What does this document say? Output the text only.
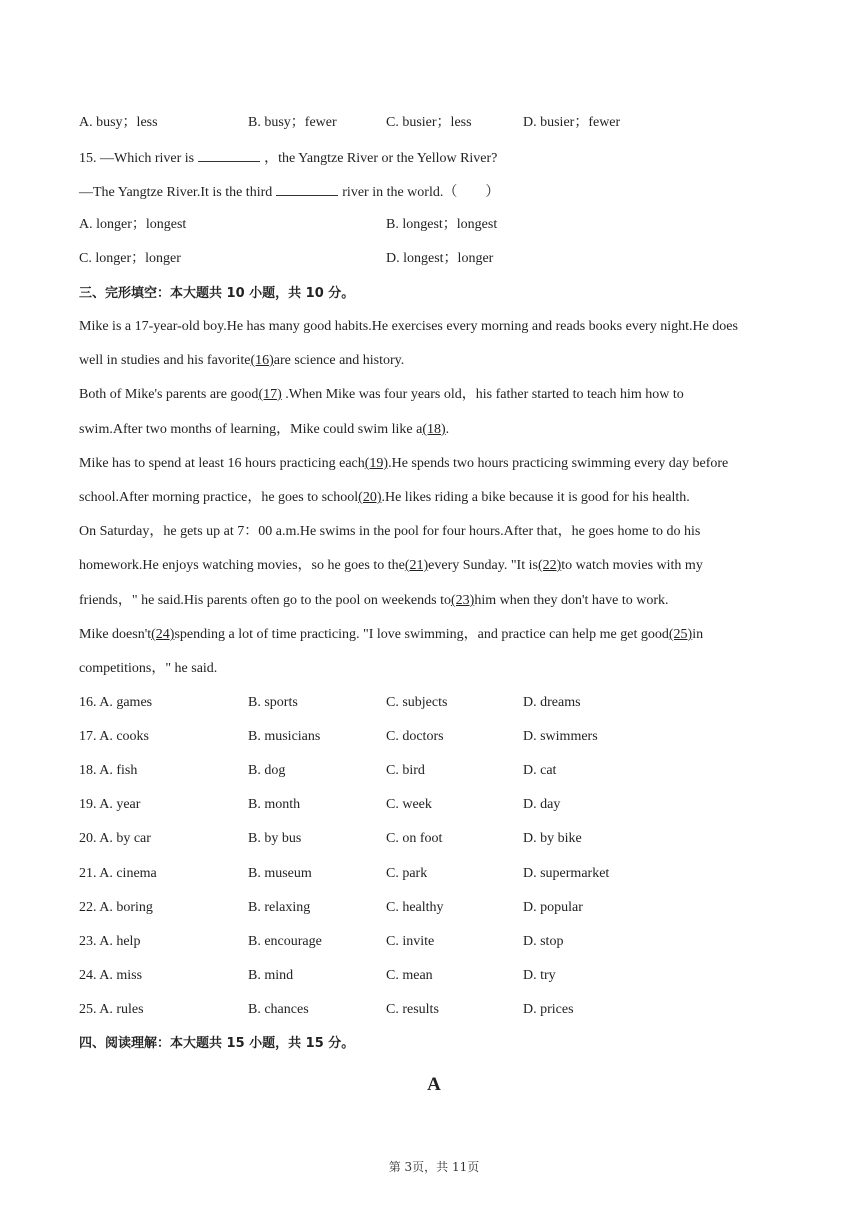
A. busy；less	B. busy；fewer	C. busier；less	D. busier；fewer
15. —Which river is	，the Yangtze River or the Yellow River?
—The Yangtze River.It is the third	river in the world.（　　）
A. longer；longest	B. longest；longest
C. longer；longer	D. longest；longer
三、完形填空：本大题共 10 小题，共 10 分。
Mike is a 17-year-old boy.He has many good habits.He exercises every morning and reads books every night.He does
well in studies and his favorite(16)are science and history.
Both of Mike's parents are good(17) .When Mike was four years old，his father started to teach him how to
swim.After two months of learning，Mike could swim like a(18).
Mike has to spend at least 16 hours practicing each(19).He spends two hours practicing swimming every day before
school.After morning practice，he goes to school(20).He likes riding a bike because it is good for his health.
On Saturday，he gets up at 7：00 a.m.He swims in the pool for four hours.After that，he goes home to do his
homework.He enjoys watching movies，so he goes to the(21)every Sunday. "It is(22)to watch movies with my
friends，" he said.His parents often go to the pool on weekends to(23)him when they don't have to work.
Mike doesn't(24)spending a lot of time practicing. "I love swimming，and practice can help me get good(25)in
competitions，" he said.
16. A. games	B. sports	C. subjects	D. dreams
17. A. cooks	B. musicians	C. doctors	D. swimmers
18. A. fish	B. dog	C. bird	D. cat
19. A. year	B. month	C. week	D. day
20. A. by car	B. by bus	C. on foot	D. by bike
21. A. cinema	B. museum	C. park	D. supermarket
22. A. boring	B. relaxing	C. healthy	D. popular
23. A. help	B. encourage	C. invite	D. stop
24. A. miss	B. mind	C. mean	D. try
25. A. rules	B. chances	C. results	D. prices
四、阅读理解：本大题共 15 小题，共 15 分。
A
第 3页，共 11页
